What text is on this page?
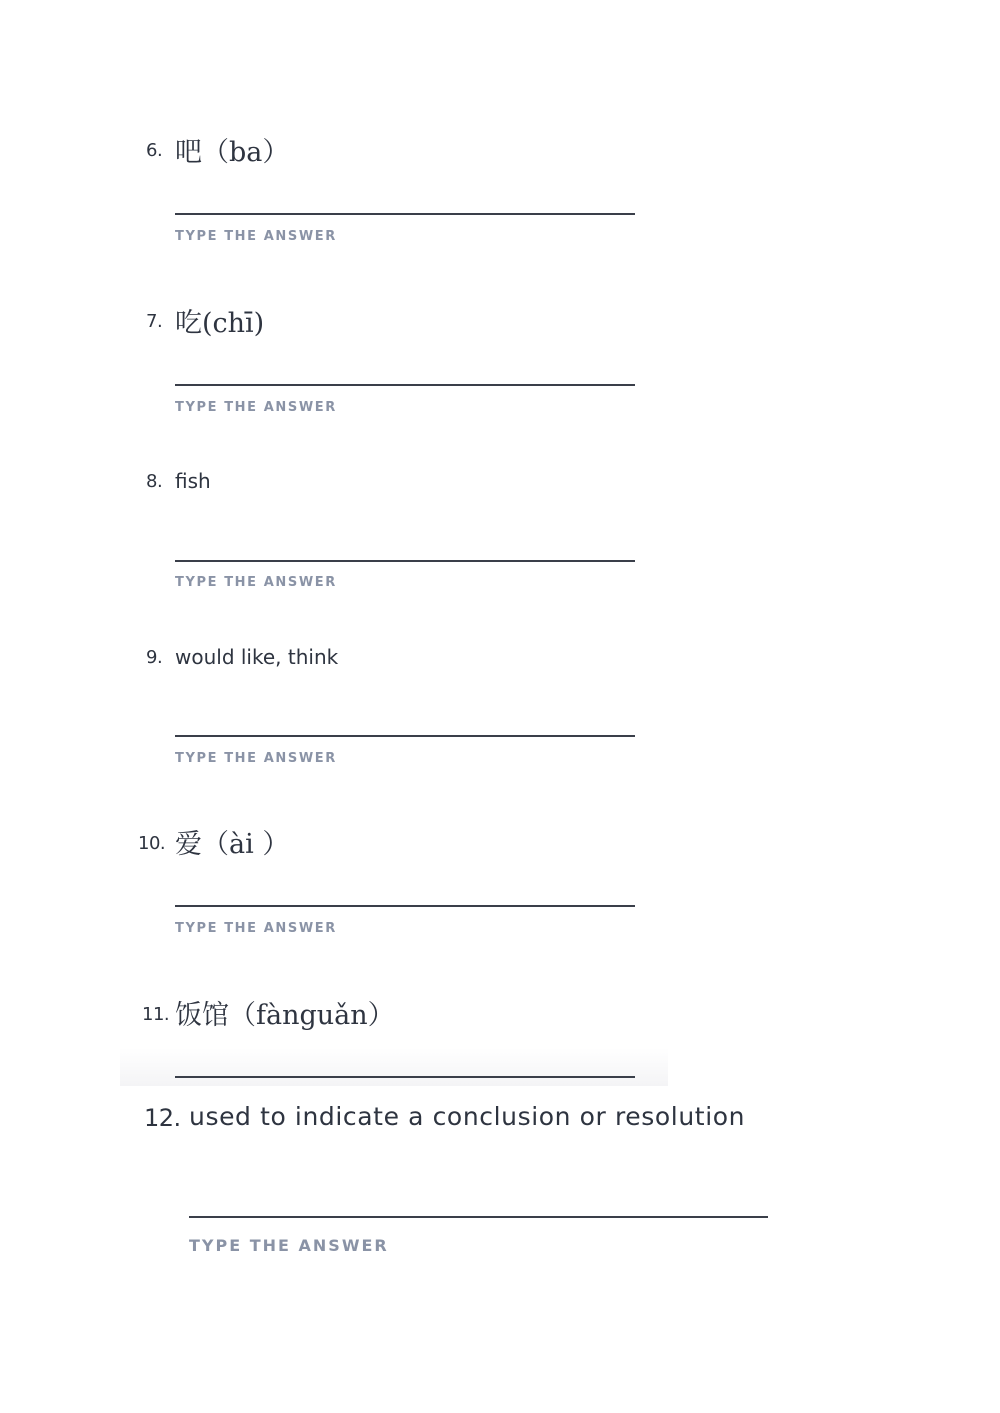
6. 吧（ba）
TYPE THE ANSWER
7. 吃(chī)
TYPE THE ANSWER
8. fish
TYPE THE ANSWER
9. would like, think
TYPE THE ANSWER
10. 爱（ài ）
TYPE THE ANSWER
11. 饭馆（fànguǎn）
12. used to indicate a conclusion or resolution
TYPE THE ANSWER
